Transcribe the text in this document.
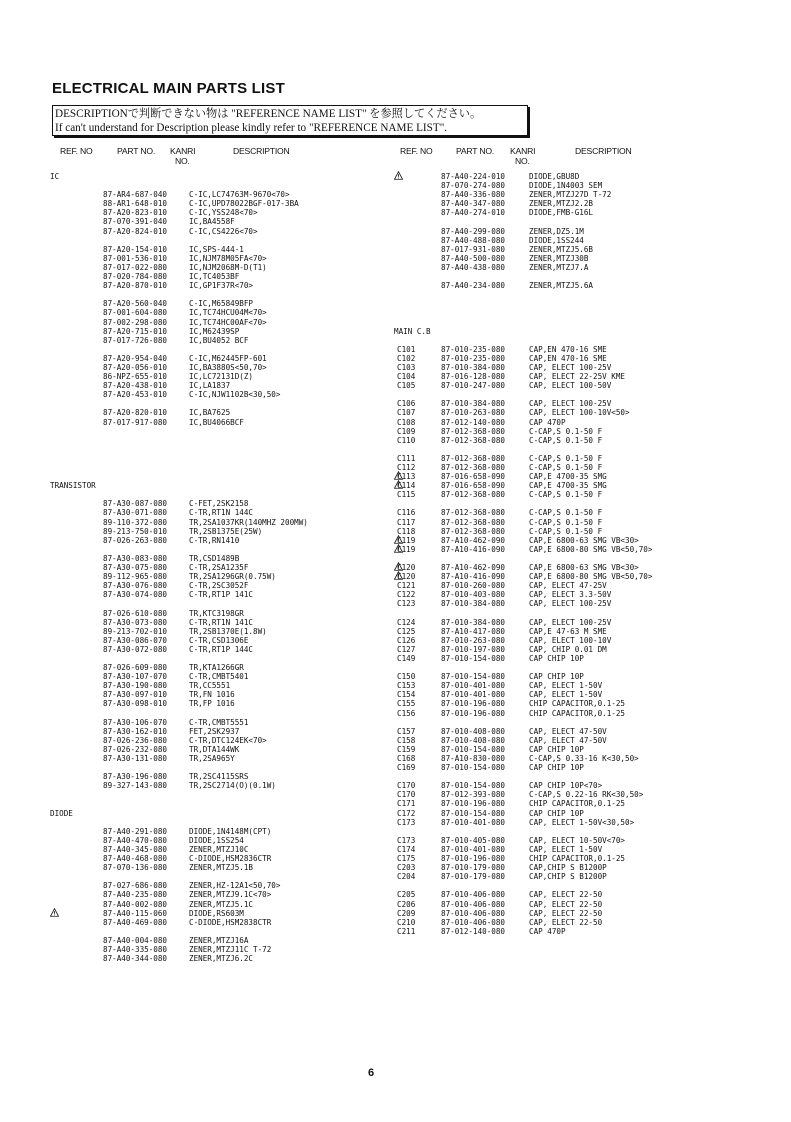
ELECTRICAL MAIN PARTS LIST
DESCRIPTIONで判断できない物は "REFERENCE NAME LIST" を参照してください。
If can't understand for Description please kindly refer to "REFERENCE NAME LIST".
REF. NO	PART NO. KANRI
NO.
DESCRIPTION	REF. NO	PART NO. KANRI
NO.
DESCRIPTION
IC
87-AR4-687-040	C-IC,LC74763M-9670<70>
88-AR1-648-010	C-IC,UPD78022BGF-017-3BA
87-A20-823-010	C-IC,YSS248<70>
87-070-391-040	IC,BA4558F
87-A20-824-010	C-IC,CS4226<70>
87-A20-154-010	IC,SPS-444-1
87-001-536-010	IC,NJM78M05FA<70>
87-017-022-080	IC,NJM2068M-D(T1)
87-020-784-080	IC,TC4053BF
87-A20-870-010	IC,GP1F37R<70>
87-A20-560-040	C-IC,M65849BFP
87-001-604-080	IC,TC74HCU04M<70>
87-002-298-080	IC,TC74HC00AF<70>
87-A20-715-010	IC,M62439SP
87-017-726-080	IC,BU4052 BCF
87-A20-954-040	C-IC,M62445FP-601
87-A20-056-010	IC,BA3880S<50,70>
86-NPZ-655-010	IC,LC72131D(Z)
87-A20-438-010	IC,LA1837
87-A20-453-010	C-IC,NJW1102B<30,50>
87-A20-820-010	IC,BA7625
87-017-917-080	IC,BU4066BCF
TRANSISTOR
87-A30-087-080	C-FET,2SK2158
87-A30-071-080	C-TR,RT1N 144C
89-110-372-080	TR,2SA1037KR(140MHZ 200MW)
89-213-750-010	TR,2SB1375E(25W)
87-026-263-080	C-TR,RN1410
87-A30-083-080	TR,CSD1489B
87-A30-075-080	C-TR,2SA1235F
89-112-965-080	TR,2SA1296GR(0.75W)
87-A30-076-080	C-TR,2SC3052F
87-A30-074-080	C-TR,RT1P 141C
87-026-610-080	TR,KTC3198GR
87-A30-073-080	C-TR,RT1N 141C
89-213-702-010	TR,2SB1370E(1.8W)
87-A30-086-070	C-TR,CSD1306E
87-A30-072-080	C-TR,RT1P 144C
87-026-609-080	TR,KTA1266GR
87-A30-107-070	C-TR,CMBT5401
87-A30-190-080	TR,CC5551
87-A30-097-010	TR,FN 1016
87-A30-098-010	TR,FP 1016
87-A30-106-070	C-TR,CMBT5551
87-A30-162-010	FET,2SK2937
87-026-236-080	C-TR,DTC124EK<70>
87-026-232-080	TR,DTA144WK
87-A30-131-080	TR,2SA965Y
87-A30-196-080	TR,2SC4115SRS
89-327-143-080	TR,2SC2714(O)(0.1W)
DIODE
87-A40-291-080	DIODE,1N4148M(CPT)
87-A40-470-080	DIODE,1SS254
87-A40-345-080	ZENER,MTZJ10C
87-A40-468-080	C-DIODE,HSM2836CTR
87-070-136-080	ZENER,MTZJ5.1B
87-027-686-080	ZENER,HZ-12A1<50,70>
87-A40-235-080	ZENER,MTZJ9.1C<70>
87-A40-002-080	ZENER,MTZJ5.1C
87-A40-115-060	DIODE,RS603M
87-A40-469-080	C-DIODE,HSM2838CTR
87-A40-004-080	ZENER,MTZJ16A
87-A40-335-080	ZENER,MTZJ11C T-72
87-A40-344-080	ZENER,MTZJ6.2C
87-A40-224-010	DIODE,GBU8D
87-070-274-080	DIODE,1N4003 SEM
87-A40-336-080	ZENER,MTZJ27D T-72
87-A40-347-080	ZENER,MTZJ2.2B
87-A40-274-010	DIODE,FMB-G16L
87-A40-299-080	ZENER,DZ5.1M
87-A40-488-080	DIODE,1SS244
87-017-931-080	ZENER,MTZJ5.6B
87-A40-500-080	ZENER,MTZJ30B
87-A40-438-080	ZENER,MTZJ7.A
87-A40-234-080	ZENER,MTZJ5.6A
MAIN C.B
C101	87-010-235-080	CAP,EN 470-16 SME
C102	87-010-235-080	CAP,EN 470-16 SME
C103	87-010-384-080	CAP, ELECT 100-25V
C104	87-016-128-080	CAP, ELECT 22-25V KME
C105	87-010-247-080	CAP, ELECT 100-50V
C106	87-010-384-080	CAP, ELECT 100-25V
C107	87-010-263-080	CAP, ELECT 100-10V<50>
C108	87-012-140-080	CAP 470P
C109	87-012-368-080	C-CAP,S 0.1-50 F
C110	87-012-368-080	C-CAP,S 0.1-50 F
C111	87-012-368-080	C-CAP,S 0.1-50 F
C112	87-012-368-080	C-CAP,S 0.1-50 F
C113	87-016-658-090	CAP,E 4700-35 SMG
C114	87-016-658-090	CAP,E 4700-35 SMG
C115	87-012-368-080	C-CAP,S 0.1-50 F
C116	87-012-368-080	C-CAP,S 0.1-50 F
C117	87-012-368-080	C-CAP,S 0.1-50 F
C118	87-012-368-080	C-CAP,S 0.1-50 F
C119	87-A10-462-090	CAP,E 6800-63 SMG VB<30>
C119	87-A10-416-090	CAP,E 6800-80 SMG VB<50,70>
C120	87-A10-462-090	CAP,E 6800-63 SMG VB<30>
C120	87-A10-416-090	CAP,E 6800-80 SMG VB<50,70>
C121	87-010-260-080	CAP, ELECT 47-25V
C122	87-010-403-080	CAP, ELECT 3.3-50V
C123	87-010-384-080	CAP, ELECT 100-25V
C124	87-010-384-080	CAP, ELECT 100-25V
C125	87-A10-417-080	CAP,E 47-63 M SME
C126	87-010-263-080	CAP, ELECT 100-10V
C127	87-010-197-080	CAP, CHIP 0.01 DM
C149	87-010-154-080	CAP CHIP 10P
C150	87-010-154-080	CAP CHIP 10P
C153	87-010-401-080	CAP, ELECT 1-50V
C154	87-010-401-080	CAP, ELECT 1-50V
C155	87-010-196-080	CHIP CAPACITOR,0.1-25
C156	87-010-196-080	CHIP CAPACITOR,0.1-25
C157	87-010-408-080	CAP, ELECT 47-50V
C158	87-010-408-080	CAP, ELECT 47-50V
C159	87-010-154-080	CAP CHIP 10P
C168	87-A10-830-080	C-CAP,S 0.33-16 K<30,50>
C169	87-010-154-080	CAP CHIP 10P
C170	87-010-154-080	CAP CHIP 10P<70>
C170	87-012-393-080	C-CAP,S 0.22-16 RK<30,50>
C171	87-010-196-080	CHIP CAPACITOR,0.1-25
C172	87-010-154-080	CAP CHIP 10P
C173	87-010-401-080	CAP, ELECT 1-50V<30,50>
C173	87-010-405-080	CAP, ELECT 10-50V<70>
C174	87-010-401-080	CAP, ELECT 1-50V
C175	87-010-196-080	CHIP CAPACITOR,0.1-25
C203	87-010-179-080	CAP,CHIP S B1200P
C204	87-010-179-080	CAP,CHIP S B1200P
C205	87-010-406-080	CAP, ELECT 22-50
C206	87-010-406-080	CAP, ELECT 22-50
C209	87-010-406-080	CAP, ELECT 22-50
C210	87-010-406-080	CAP, ELECT 22-50
C211	87-012-140-080	CAP 470P
6
